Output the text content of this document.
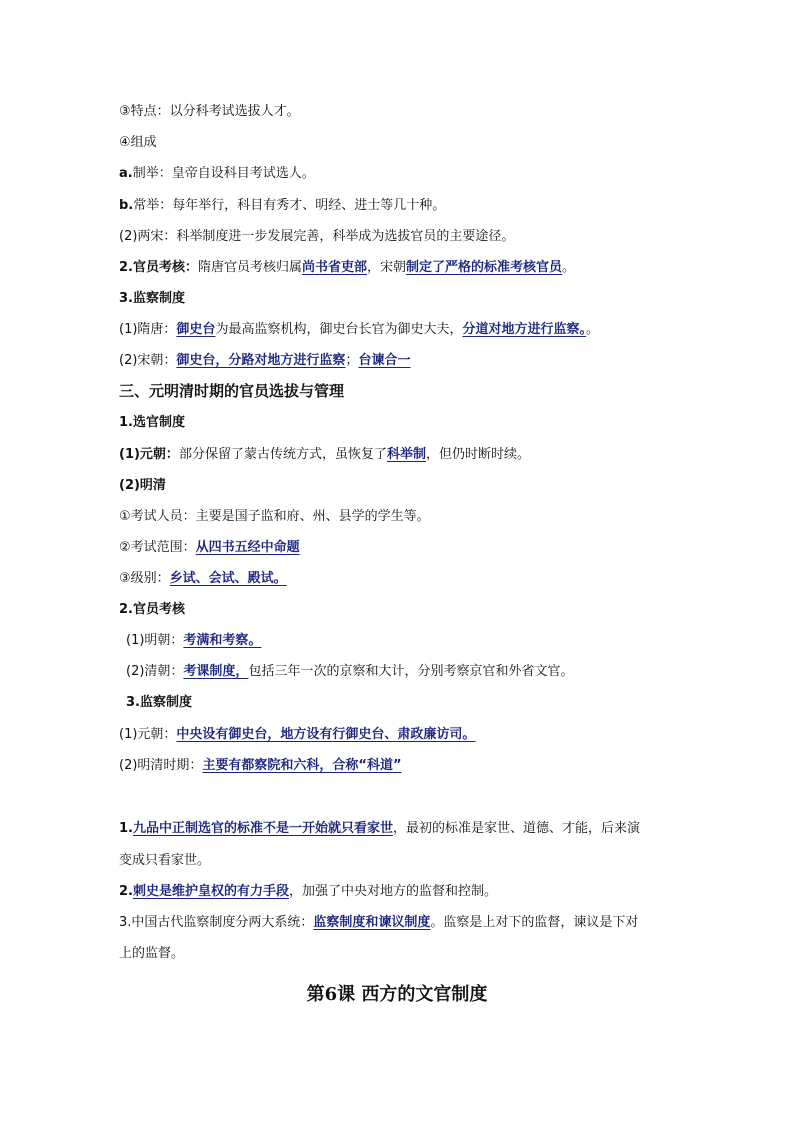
③特点：以分科考试选拔人才。
④组成
a.制举：皇帝自设科目考试选人。
b.常举：每年举行，科目有秀才、明经、进士等几十种。
(2)两宋：科举制度进一步发展完善，科举成为选拔官员的主要途径。
2.官员考核：隋唐官员考核归属尚书省吏部，宋朝制定了严格的标准考核官员。
3.监察制度
(1)隋唐：御史台为最高监察机构，御史台长官为御史大夫，分道对地方进行监察。。
(2)宋朝：御史台，分路对地方进行监察；台谏合一
三、元明清时期的官员选拔与管理
1.选官制度
(1)元朝：部分保留了蒙古传统方式，虽恢复了科举制，但仍时断时续。
(2)明清
①考试人员：主要是国子监和府、州、县学的学生等。
②考试范围：从四书五经中命题
③级别：乡试、会试、殿试。
2.官员考核
(1)明朝：考满和考察。
(2)清朝：考课制度，包括三年一次的京察和大计，分别考察京官和外省文官。
3.监察制度
(1)元朝：中央设有御史台，地方设有行御史台、肃政廉访司。
(2)明清时期：主要有都察院和六科，合称“科道”
1.九品中正制选官的标准不是一开始就只看家世，最初的标准是家世、道德、才能，后来演
变成只看家世。
2.刺史是维护皇权的有力手段，加强了中央对地方的监督和控制。
3.中国古代监察制度分两大系统：监察制度和谏议制度。监察是上对下的监督，谏议是下对
上的监督。
第6课 西方的文官制度
